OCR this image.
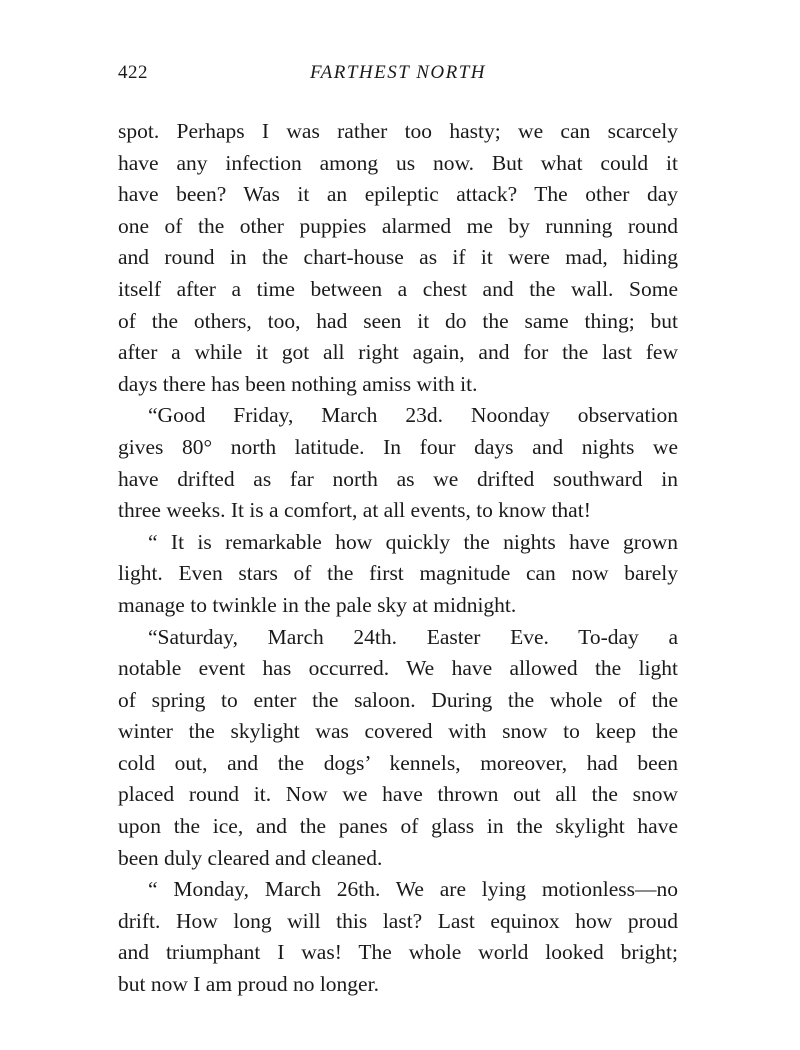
422	FARTHEST NORTH
spot. Perhaps I was rather too hasty; we can scarcely
have any infection among us now. But what could it
have been? Was it an epileptic attack? The other day
one of the other puppies alarmed me by running round
and round in the chart-house as if it were mad, hiding
itself after a time between a chest and the wall. Some
of the others, too, had seen it do the same thing; but
after a while it got all right again, and for the last few
days there has been nothing amiss with it.
“Good Friday, March 23d. Noonday observation
gives 80° north latitude. In four days and nights we
have drifted as far north as we drifted southward in
three weeks. It is a comfort, at all events, to know that!
“ It is remarkable how quickly the nights have grown
light. Even stars of the first magnitude can now barely
manage to twinkle in the pale sky at midnight.
“Saturday, March 24th. Easter Eve. To-day a
notable event has occurred. We have allowed the light
of spring to enter the saloon. During the whole of the
winter the skylight was covered with snow to keep the
cold out, and the dogs’ kennels, moreover, had been
placed round it. Now we have thrown out all the snow
upon the ice, and the panes of glass in the skylight have
been duly cleared and cleaned.
“ Monday, March 26th. We are lying motionless—no
drift. How long will this last? Last equinox how proud
and triumphant I was! The whole world looked bright;
but now I am proud no longer.
